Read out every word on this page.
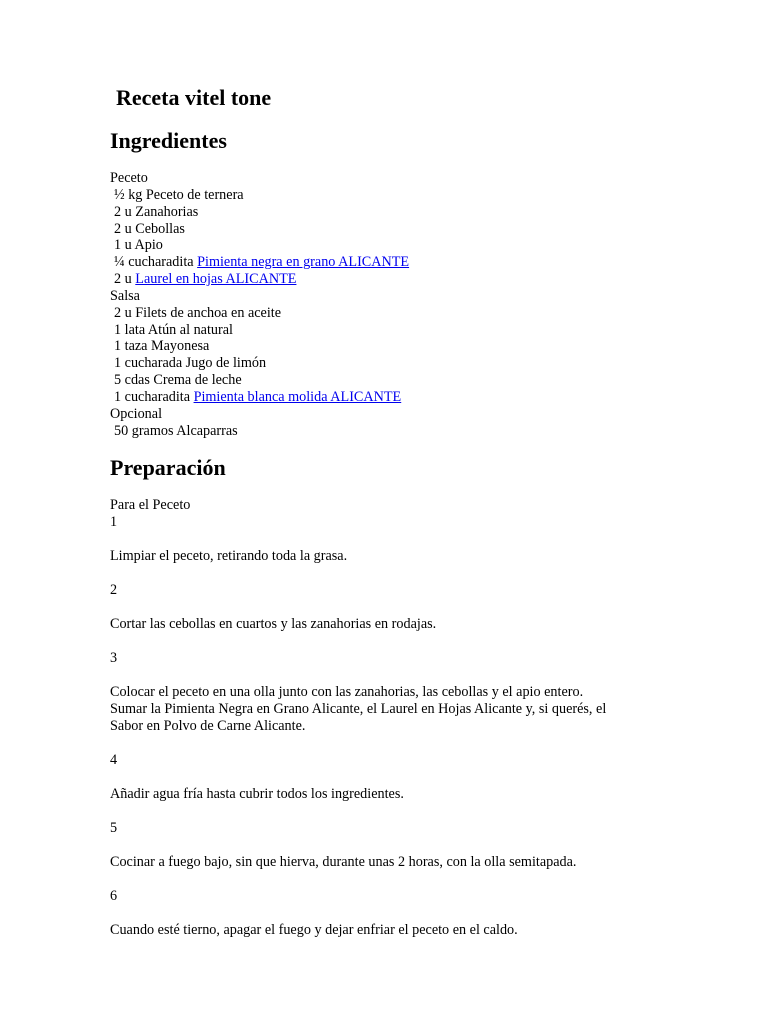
Receta vitel tone
Ingredientes
Peceto
½ kg Peceto de ternera
2 u Zanahorias
2 u Cebollas
1 u Apio
¼ cucharadita Pimienta negra en grano ALICANTE
2 u Laurel en hojas ALICANTE
Salsa
2 u Filets de anchoa en aceite
1 lata Atún al natural
1 taza Mayonesa
1 cucharada Jugo de limón
5 cdas Crema de leche
1 cucharadita Pimienta blanca molida ALICANTE
Opcional
50 gramos Alcaparras
Preparación
Para el Peceto
1
Limpiar el peceto, retirando toda la grasa.
2
Cortar las cebollas en cuartos y las zanahorias en rodajas.
3
Colocar el peceto en una olla junto con las zanahorias, las cebollas y el apio entero.
Sumar la Pimienta Negra en Grano Alicante, el Laurel en Hojas Alicante y, si querés, el
Sabor en Polvo de Carne Alicante.
4
Añadir agua fría hasta cubrir todos los ingredientes.
5
Cocinar a fuego bajo, sin que hierva, durante unas 2 horas, con la olla semitapada.
6
Cuando esté tierno, apagar el fuego y dejar enfriar el peceto en el caldo.
